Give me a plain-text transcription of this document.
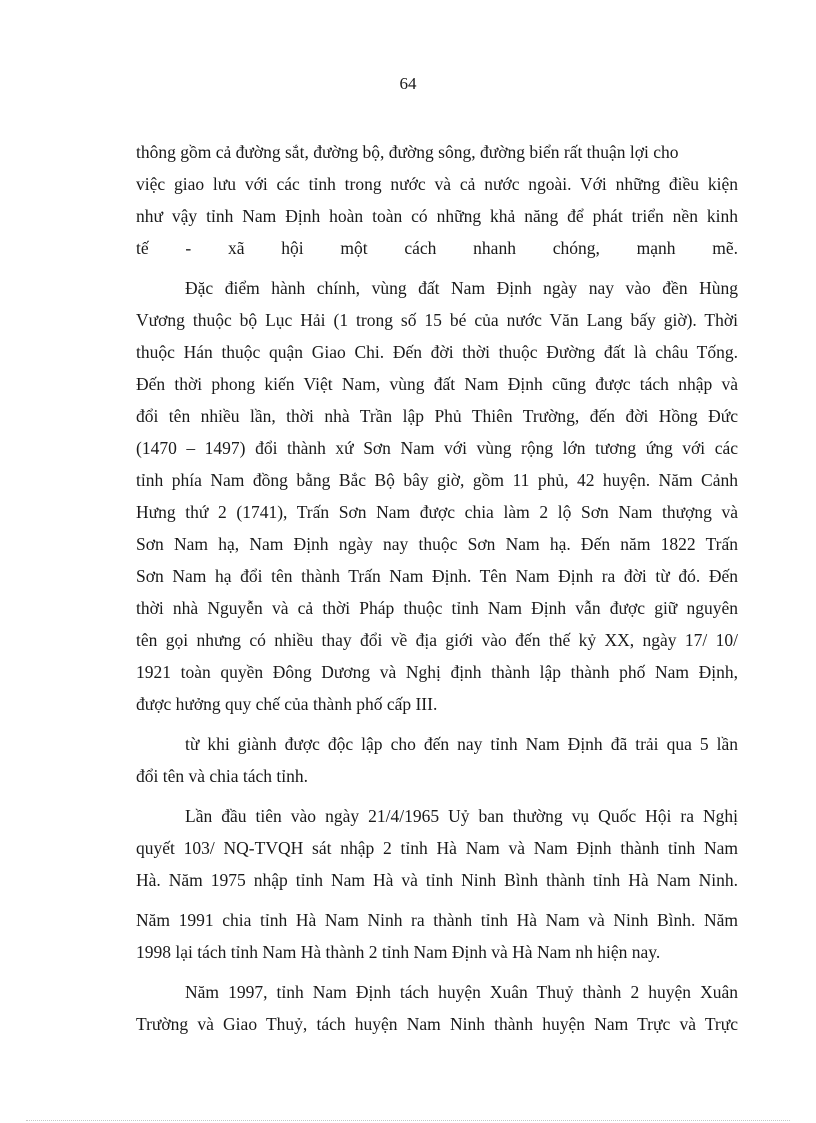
64
thông gồm cả đường sắt, đường bộ, đường sông, đường biển rất thuận lợi cho
việc giao lưu với các tỉnh trong nước và cả nước ngoài. Với những điều kiện
như vậy tỉnh Nam Định hoàn toàn có những khả năng để phát triển nền kinh
tế - xã hội một cách nhanh chóng, mạnh mẽ.
Đặc điểm hành chính, vùng đất Nam Định ngày nay vào đền Hùng
Vương thuộc bộ Lục Hải (1 trong số 15 bé của nước Văn Lang bấy giờ). Thời
thuộc Hán thuộc quận Giao Chi. Đến đời thời thuộc Đường đất là châu Tống.
Đến thời phong kiến Việt Nam, vùng đất Nam Định cũng được tách nhập và
đổi tên nhiều lần, thời nhà Trần lập Phủ Thiên Trường, đến đời Hồng Đức
(1470 – 1497) đổi thành xứ Sơn Nam với vùng rộng lớn tương ứng với các
tỉnh phía Nam đồng bằng Bắc Bộ bây giờ, gồm 11 phủ, 42 huyện. Năm Cảnh
Hưng thứ 2 (1741), Trấn Sơn Nam được chia làm 2 lộ Sơn Nam thượng và
Sơn Nam hạ, Nam Định ngày nay thuộc Sơn Nam hạ. Đến năm 1822 Trấn
Sơn Nam hạ đổi tên thành Trấn Nam Định. Tên Nam Định ra đời từ đó. Đến
thời nhà Nguyễn và cả thời Pháp thuộc tỉnh Nam Định vẫn được giữ nguyên
tên gọi nhưng có nhiều thay đổi về địa giới vào đến thế kỷ XX, ngày 17/ 10/
1921 toàn quyền Đông Dương và Nghị định thành lập thành phố Nam Định,
được hưởng quy chế của thành phố cấp III.
từ khi giành được độc lập cho đến nay tỉnh Nam Định đã trải qua 5 lần
đổi tên và chia tách tỉnh.
Lần đầu tiên vào ngày 21/4/1965 Uỷ ban thường vụ Quốc Hội ra Nghị
quyết 103/ NQ-TVQH sát nhập 2 tỉnh Hà Nam và Nam Định thành tỉnh Nam
Hà. Năm 1975 nhập tỉnh Nam Hà và tỉnh Ninh Bình thành tỉnh Hà Nam Ninh.
Năm 1991 chia tỉnh Hà Nam Ninh ra thành tỉnh Hà Nam và Ninh Bình. Năm
1998 lại tách tỉnh Nam Hà thành 2 tỉnh Nam Định và Hà Nam nh hiện nay.
Năm 1997, tỉnh Nam Định tách huyện Xuân Thuỷ thành 2 huyện Xuân
Trường và Giao Thuỷ, tách huyện Nam Ninh thành huyện Nam Trực và Trực
